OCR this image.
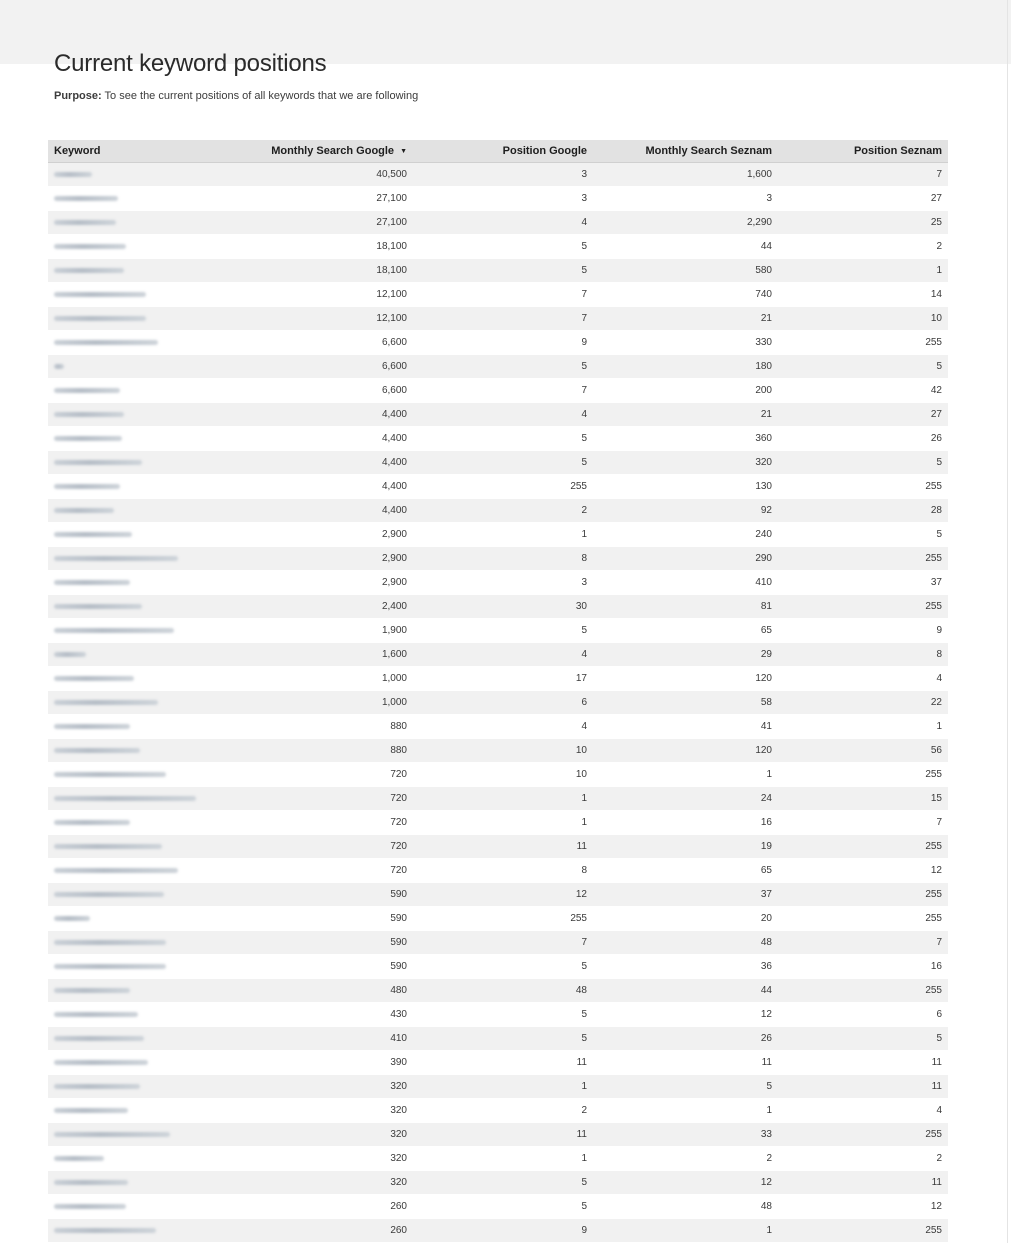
Current keyword positions
Purpose: To see the current positions of all keywords that we are following
Keyword	Monthly Search Google ▼	Position Google	Monthly Search Seznam	Position Seznam
	40,500	3	1,600	7
	27,100	3	3	27
	27,100	4	2,290	25
	18,100	5	44	2
	18,100	5	580	1
	12,100	7	740	14
	12,100	7	21	10
	6,600	9	330	255
	6,600	5	180	5
	6,600	7	200	42
	4,400	4	21	27
	4,400	5	360	26
	4,400	5	320	5
	4,400	255	130	255
	4,400	2	92	28
	2,900	1	240	5
	2,900	8	290	255
	2,900	3	410	37
	2,400	30	81	255
	1,900	5	65	9
	1,600	4	29	8
	1,000	17	120	4
	1,000	6	58	22
	880	4	41	1
	880	10	120	56
	720	10	1	255
	720	1	24	15
	720	1	16	7
	720	11	19	255
	720	8	65	12
	590	12	37	255
	590	255	20	255
	590	7	48	7
	590	5	36	16
	480	48	44	255
	430	5	12	6
	410	5	26	5
	390	11	11	11
	320	1	5	11
	320	2	1	4
	320	11	33	255
	320	1	2	2
	320	5	12	11
	260	5	48	12
	260	9	1	255
